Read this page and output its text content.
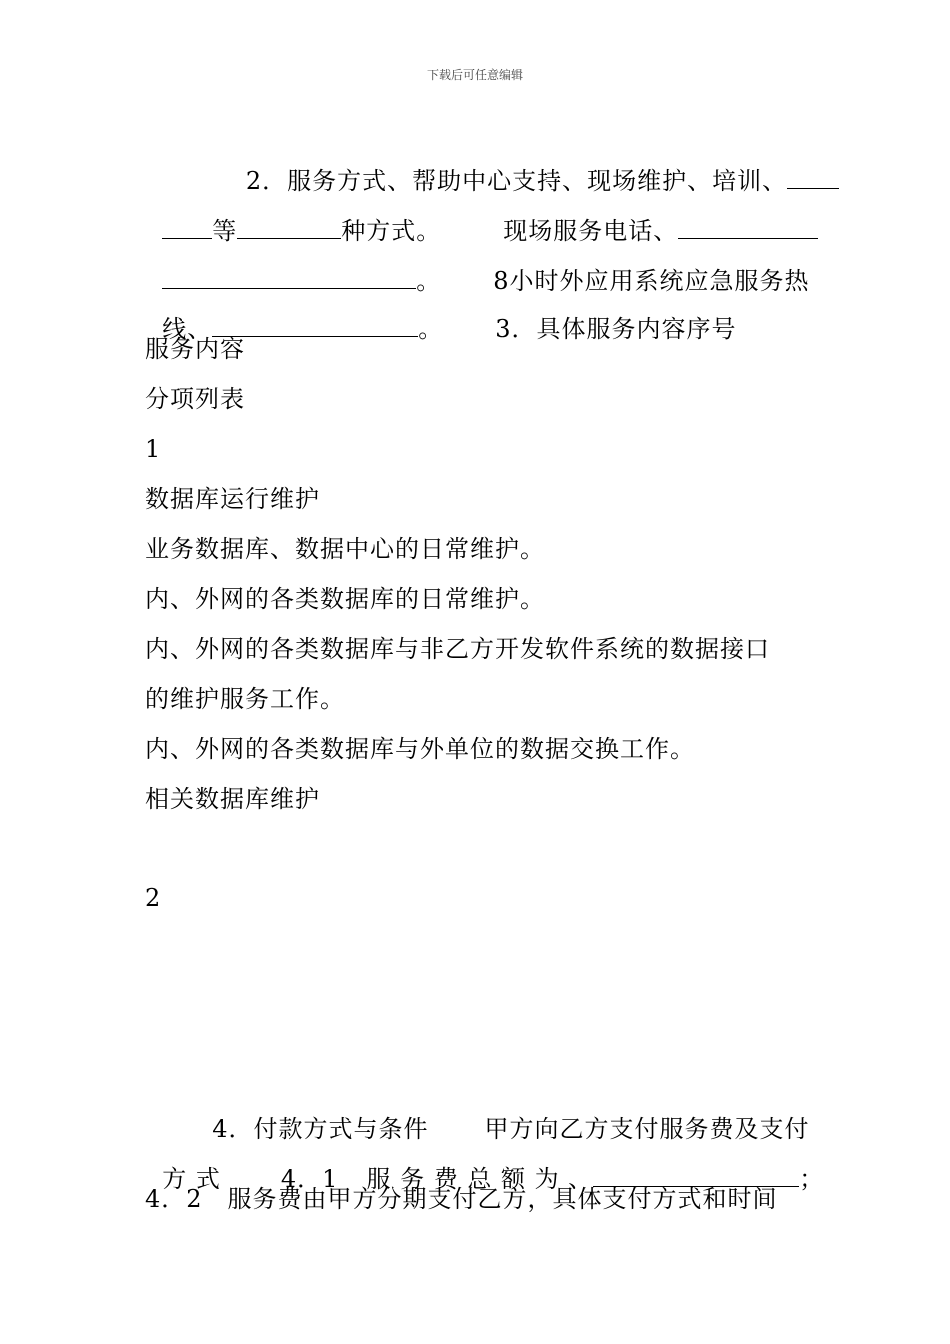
下载后可任意编辑

　 2．服务方式、帮助中心支持、现场维护、培训、

等	种方式。	现场服务电话、

。 8小时外应用系统应急服务热

线、	。 3．具体服务内容序号

服务内容
分项列表
1
数据库运行维护
业务数据库、数据中心的日常维护。
内、外网的各类数据库的日常维护。
内、外网的各类数据库与非乙方开发软件系统的数据接口
的维护服务工作。
内、外网的各类数据库与外单位的数据交换工作。
相关数据库维护
2

4．付款方式与条件 甲方向乙方支付服务费及支付

方 式	4．1 服 务 费 总 额 为 、	；

4．2　服务费由甲方分期支付乙方，具体支付方式和时间
